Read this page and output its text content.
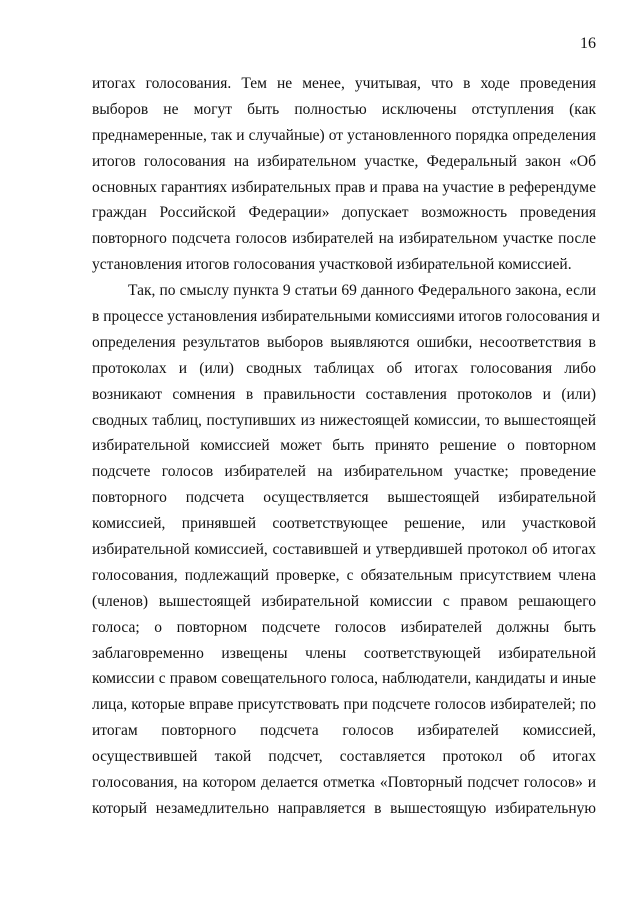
16
итогах голосования. Тем не менее, учитывая, что в ходе проведения
выборов не могут быть полностью исключены отступления (как
преднамеренные, так и случайные) от установленного порядка определения
итогов голосования на избирательном участке, Федеральный закон «Об
основных гарантиях избирательных прав и права на участие в референдуме
граждан Российской Федерации» допускает возможность проведения
повторного подсчета голосов избирателей на избирательном участке после
установления итогов голосования участковой избирательной комиссией.
Так, по смыслу пункта 9 статьи 69 данного Федерального закона, если
в процессе установления избирательными комиссиями итогов голосования и
определения результатов выборов выявляются ошибки, несоответствия в
протоколах и (или) сводных таблицах об итогах голосования либо
возникают сомнения в правильности составления протоколов и (или)
сводных таблиц, поступивших из нижестоящей комиссии, то вышестоящей
избирательной комиссией может быть принято решение о повторном
подсчете голосов избирателей на избирательном участке; проведение
повторного подсчета осуществляется вышестоящей избирательной
комиссией, принявшей соответствующее решение, или участковой
избирательной комиссией, составившей и утвердившей протокол об итогах
голосования, подлежащий проверке, с обязательным присутствием члена
(членов) вышестоящей избирательной комиссии с правом решающего
голоса; о повторном подсчете голосов избирателей должны быть
заблаговременно извещены члены соответствующей избирательной
комиссии с правом совещательного голоса, наблюдатели, кандидаты и иные
лица, которые вправе присутствовать при подсчете голосов избирателей; по
итогам повторного подсчета голосов избирателей комиссией,
осуществившей такой подсчет, составляется протокол об итогах
голосования, на котором делается отметка «Повторный подсчет голосов» и
который незамедлительно направляется в вышестоящую избирательную
